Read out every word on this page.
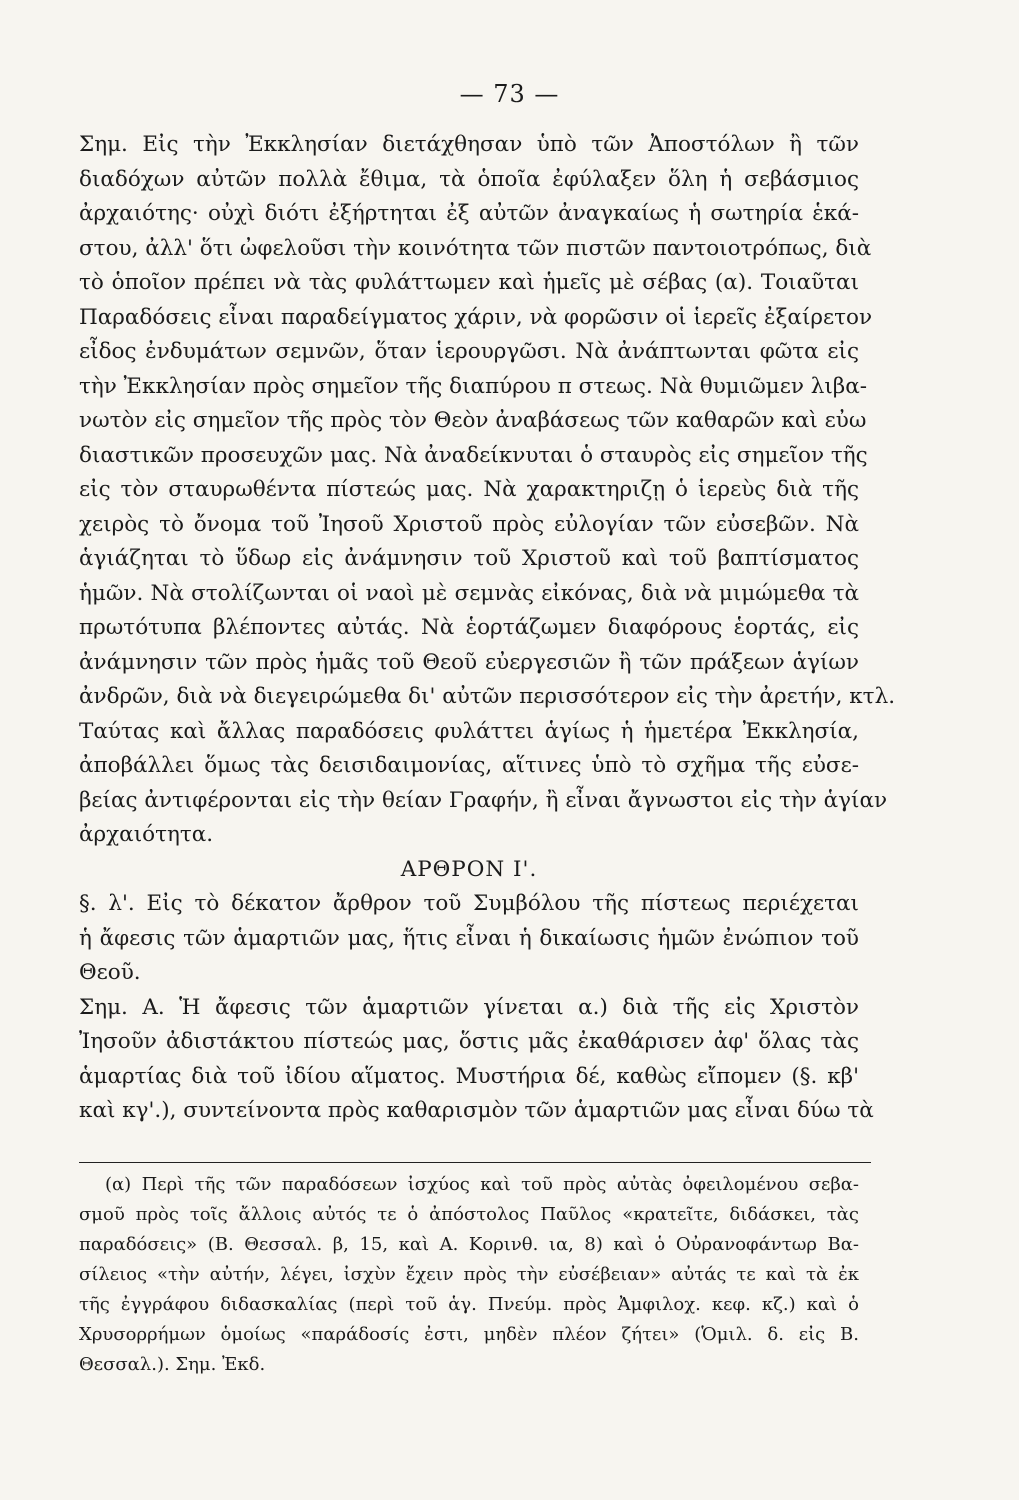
— 73 —
Σημ. Εἰς τὴν Ἐκκλησίαν διετάχθησαν ὑπὸ τῶν Ἀποστόλων ἢ τῶν
διαδόχων αὐτῶν πολλὰ ἔθιμα, τὰ ὁποῖα ἐφύλαξεν ὅλη ἡ σεβάσμιος
ἀρχαιότης· οὐχὶ διότι ἐξήρτηται ἐξ αὐτῶν ἀναγκαίως ἡ σωτηρία ἑκά-
στου, ἀλλ' ὅτι ὠφελοῦσι τὴν κοινότητα τῶν πιστῶν παντοιοτρόπως, διὰ
τὸ ὁποῖον πρέπει νὰ τὰς φυλάττωμεν καὶ ἡμεῖς μὲ σέβας (α). Τοιαῦται
Παραδόσεις εἶναι παραδείγματος χάριν, νὰ φορῶσιν οἱ ἱερεῖς ἐξαίρετον
εἶδος ἐνδυμάτων σεμνῶν, ὅταν ἱερουργῶσι. Νὰ ἀνάπτωνται φῶτα εἰς
τὴν Ἐκκλησίαν πρὸς σημεῖον τῆς διαπύρου π στεως. Νὰ θυμιῶμεν λιβα-
νωτὸν εἰς σημεῖον τῆς πρὸς τὸν Θεὸν ἀναβάσεως τῶν καθαρῶν καὶ εὐω
διαστικῶν προσευχῶν μας. Νὰ ἀναδείκνυται ὁ σταυρὸς εἰς σημεῖον τῆς
εἰς τὸν σταυρωθέντα πίστεώς μας. Νὰ χαρακτηριζῃ ὁ ἱερεὺς διὰ τῆς
χειρὸς τὸ ὄνομα τοῦ Ἰησοῦ Χριστοῦ πρὸς εὐλογίαν τῶν εὐσεβῶν. Νὰ
ἁγιάζηται τὸ ὕδωρ εἰς ἀνάμνησιν τοῦ Χριστοῦ καὶ τοῦ βαπτίσματος
ἡμῶν. Νὰ στολίζωνται οἱ ναοὶ μὲ σεμνὰς εἰκόνας, διὰ νὰ μιμώμεθα τὰ
πρωτότυπα βλέποντες αὐτάς. Νὰ ἑορτάζωμεν διαφόρους ἑορτάς, εἰς
ἀνάμνησιν τῶν πρὸς ἡμᾶς τοῦ Θεοῦ εὐεργεσιῶν ἢ τῶν πράξεων ἁγίων
ἀνδρῶν, διὰ νὰ διεγειρώμεθα δι' αὐτῶν περισσότερον εἰς τὴν ἀρετήν, κτλ.
Ταύτας καὶ ἄλλας παραδόσεις φυλάττει ἁγίως ἡ ἡμετέρα Ἐκκλησία,
ἀποβάλλει ὅμως τὰς δεισιδαιμονίας, αἵτινες ὑπὸ τὸ σχῆμα τῆς εὐσε-
βείας ἀντιφέρονται εἰς τὴν θείαν Γραφήν, ἢ εἶναι ἄγνωστοι εἰς τὴν ἁγίαν
ἀρχαιότητα.
ΑΡΘΡΟΝ Ι'.
§. λ'. Εἰς τὸ δέκατον ἄρθρον τοῦ Συμβόλου τῆς πίστεως περιέχεται
ἡ ἄφεσις τῶν ἁμαρτιῶν μας, ἥτις εἶναι ἡ δικαίωσις ἡμῶν ἐνώπιον τοῦ
Θεοῦ.
Σημ. Α. Ἡ ἄφεσις τῶν ἁμαρτιῶν γίνεται α.) διὰ τῆς εἰς Χριστὸν
Ἰησοῦν ἀδιστάκτου πίστεώς μας, ὅστις μᾶς ἐκαθάρισεν ἀφ' ὅλας τὰς
ἁμαρτίας διὰ τοῦ ἰδίου αἵματος. Μυστήρια δέ, καθὼς εἴπομεν (§. κβ'
καὶ κγ'.), συντείνοντα πρὸς καθαρισμὸν τῶν ἁμαρτιῶν μας εἶναι δύω τὰ
(α) Περὶ τῆς τῶν παραδόσεων ἰσχύος καὶ τοῦ πρὸς αὐτὰς ὀφειλομένου σεβα-
σμοῦ πρὸς τοῖς ἄλλοις αὐτός τε ὁ ἀπόστολος Παῦλος «κρατεῖτε, διδάσκει, τὰς
παραδόσεις» (Β. Θεσσαλ. β, 15, καὶ Α. Κορινθ. ια, 8) καὶ ὁ Οὐρανοφάντωρ Βα-
σίλειος «τὴν αὐτήν, λέγει, ἰσχὺν ἔχειν πρὸς τὴν εὐσέβειαν» αὐτάς τε καὶ τὰ ἐκ
τῆς ἐγγράφου διδασκαλίας (περὶ τοῦ ἁγ. Πνεύμ. πρὸς Ἀμφιλοχ. κεφ. κζ.) καὶ ὁ
Χρυσορρήμων ὁμοίως «παράδοσίς ἐστι, μηδὲν πλέον ζήτει» (Ὁμιλ. δ. εἰς Β.
Θεσσαλ.). Σημ. Ἐκδ.
